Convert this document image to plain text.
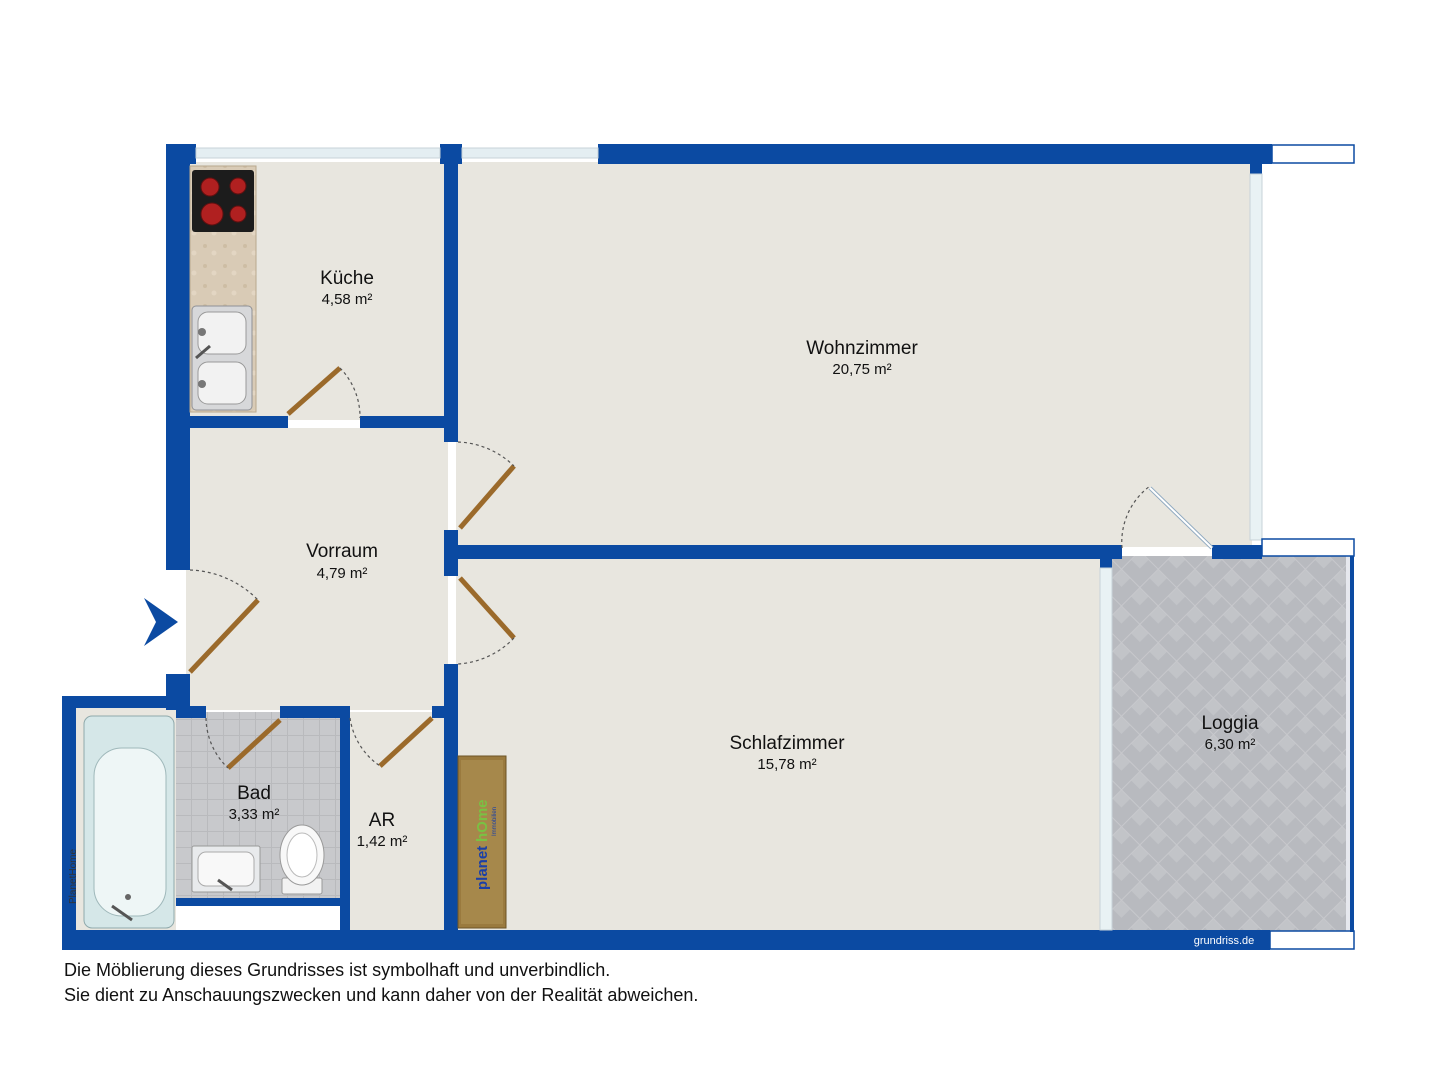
planet
hOme Immobilien
Küche
4,58 m²
Wohnzimmer
20,75 m²
Vorraum
4,79 m²
Schlafzimmer
15,78 m²
Loggia
6,30 m²
Bad
3,33 m²	AR
1,42 m²
PlanetHome
grundriss.de
Die Möblierung dieses Grundrisses ist symbolhaft und unverbindlich.
Sie dient zu Anschauungszwecken und kann daher von der Realität abweichen.
